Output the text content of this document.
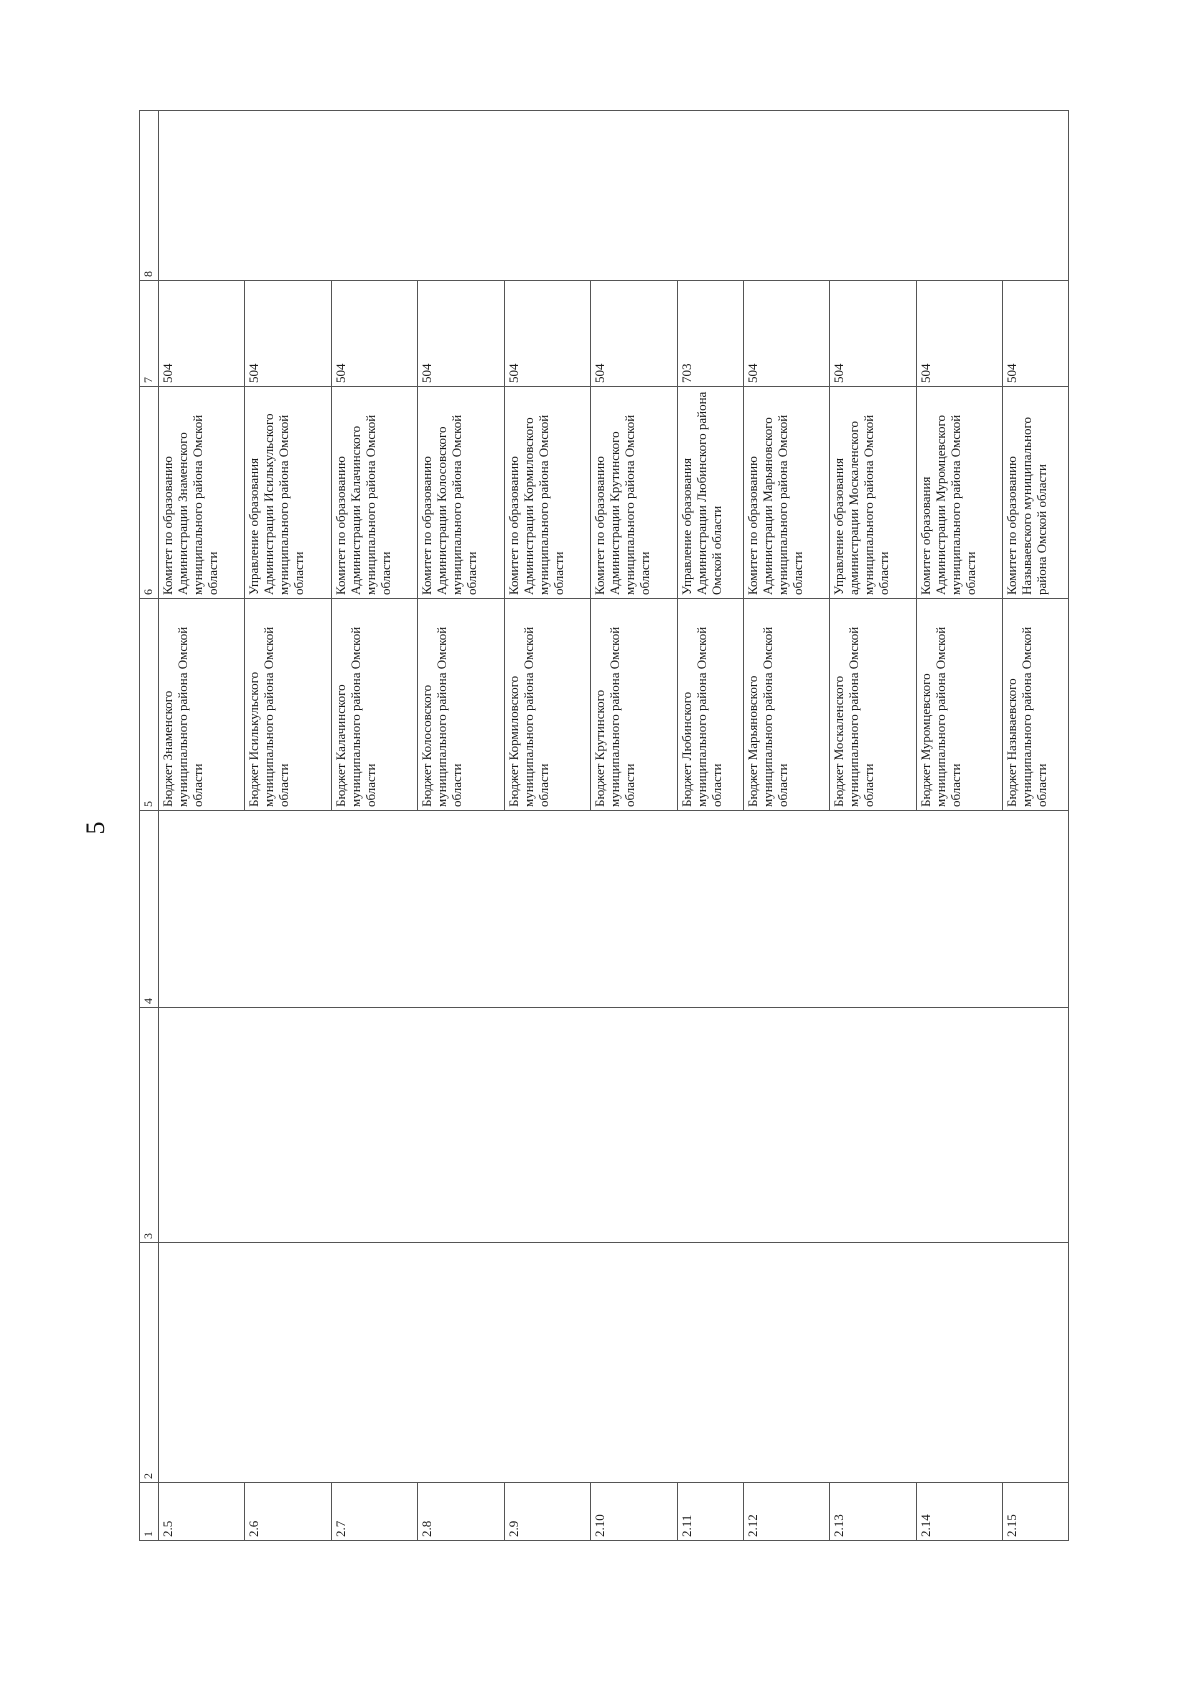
5
1	2	3	4	5	6	7	8
2.5				Бюджет Знаменского муниципального района Омской области	Комитет по образованию Администрации Знаменского муниципального района Омской области	504	
2.6				Бюджет Исилькульского муниципального района Омской области	Управление образования Администрации Исилькульского муниципального района Омской области	504	
2.7				Бюджет Калачинского муниципального района Омской области	Комитет по образованию Администрации Калачинского муниципального района Омской области	504	
2.8				Бюджет Колосовского муниципального района Омской области	Комитет по образованию Администрации Колосовского муниципального района Омской области	504	
2.9				Бюджет Кормиловского муниципального района Омской области	Комитет по образованию Администрации Кормиловского муниципального района Омской области	504	
2.10				Бюджет Крутинского муниципального района Омской области	Комитет по образованию Администрации Крутинского муниципального района Омской области	504	
2.11				Бюджет Любинского муниципального района Омской области	Управление образования Администрации Любинского района Омской области	703	
2.12				Бюджет Марьяновского муниципального района Омской области	Комитет по образованию Администрации Марьяновского муниципального района Омской области	504	
2.13				Бюджет Москаленского муниципального района Омской области	Управление образования администрации Москаленского муниципального района Омской области	504	
2.14				Бюджет Муромцевского муниципального района Омской области	Комитет образования Администрации Муромцевского муниципального района Омской области	504	
2.15				Бюджет Называевского муниципального района Омской области	Комитет по образованию Называевского муниципального района Омской области	504	
